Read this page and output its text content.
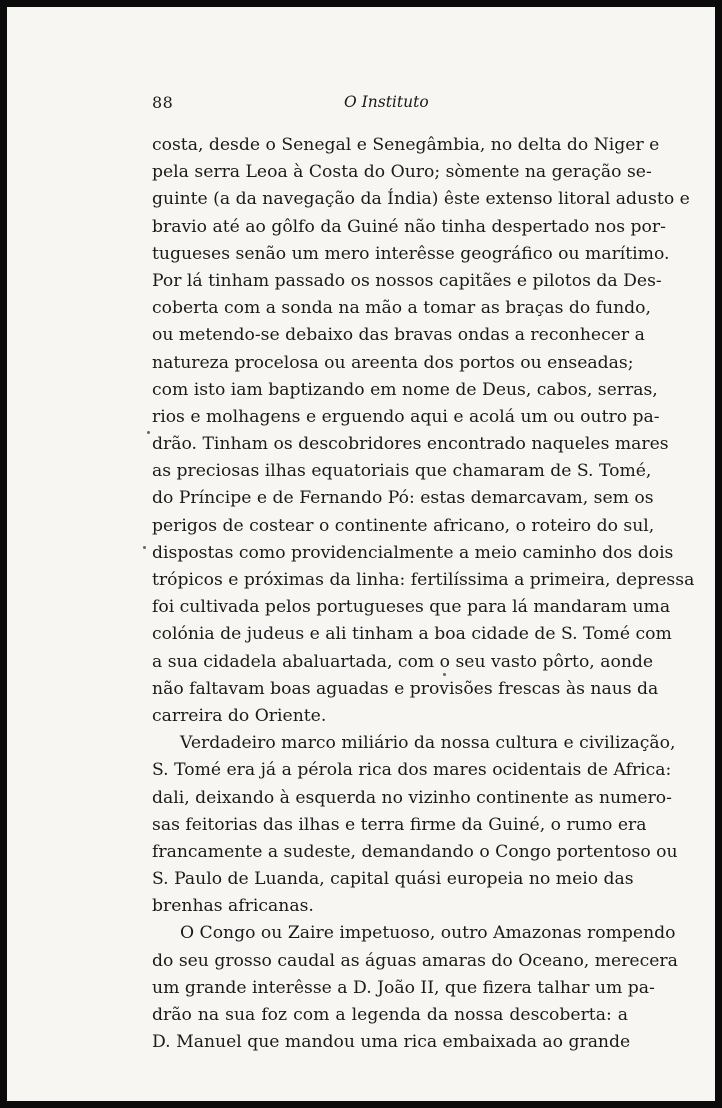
88	O Instituto
costa, desde o Senegal e Senegâmbia, no delta do Niger e
pela serra Leoa à Costa do Ouro; sòmente na geração se-
guinte (a da navegação da Índia) êste extenso litoral adusto e
bravio até ao gôlfo da Guiné não tinha despertado nos por-
tugueses senão um mero interêsse geográfico ou marítimo.
Por lá tinham passado os nossos capitães e pilotos da Des-
coberta com a sonda na mão a tomar as braças do fundo,
ou metendo-se debaixo das bravas ondas a reconhecer a
natureza procelosa ou areenta dos portos ou enseadas;
com isto iam baptizando em nome de Deus, cabos, serras,
rios e molhagens e erguendo aqui e acolá um ou outro pa-
drão. Tinham os descobridores encontrado naqueles mares
as preciosas ilhas equatoriais que chamaram de S. Tomé,
do Príncipe e de Fernando Pó: estas demarcavam, sem os
perigos de costear o continente africano, o roteiro do sul,
dispostas como providencialmente a meio caminho dos dois
trópicos e próximas da linha: fertilíssima a primeira, depressa
foi cultivada pelos portugueses que para lá mandaram uma
colónia de judeus e ali tinham a boa cidade de S. Tomé com
a sua cidadela abaluartada, com o seu vasto pôrto, aonde
não faltavam boas aguadas e provisões frescas às naus da
carreira do Oriente.
Verdadeiro marco miliário da nossa cultura e civilização,
S. Tomé era já a pérola rica dos mares ocidentais de Africa:
dali, deixando à esquerda no vizinho continente as numero-
sas feitorias das ilhas e terra firme da Guiné, o rumo era
francamente a sudeste, demandando o Congo portentoso ou
S. Paulo de Luanda, capital quási europeia no meio das
brenhas africanas.
O Congo ou Zaire impetuoso, outro Amazonas rompendo
do seu grosso caudal as águas amaras do Oceano, merecera
um grande interêsse a D. João II, que fizera talhar um pa-
drão na sua foz com a legenda da nossa descoberta: a
D. Manuel que mandou uma rica embaixada ao grande
